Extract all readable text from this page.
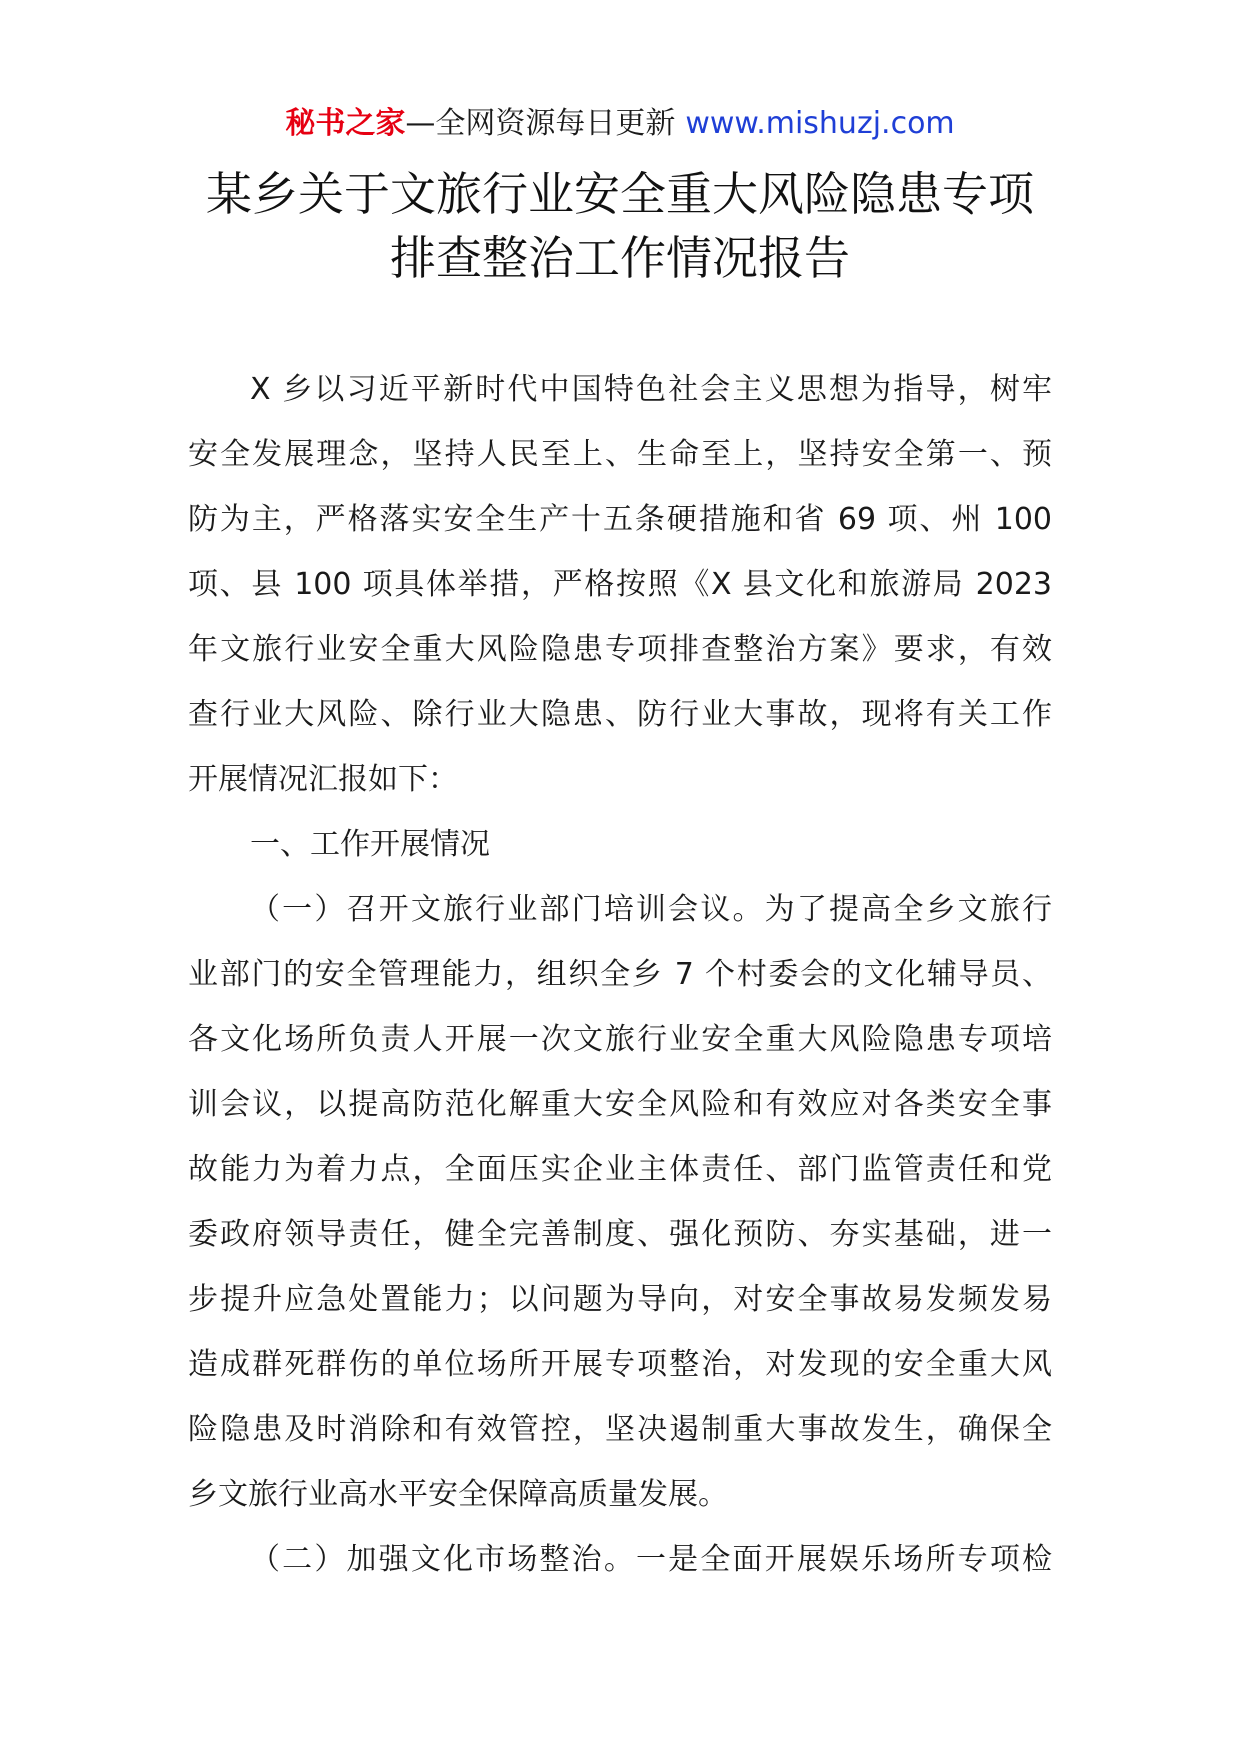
秘书之家—全网资源每日更新 www.mishuzj.com
某乡关于文旅行业安全重大风险隐患专项
排查整治工作情况报告
X 乡以习近平新时代中国特色社会主义思想为指导，树牢
安全发展理念，坚持人民至上、生命至上，坚持安全第一、预
防为主，严格落实安全生产十五条硬措施和省 69 项、州 100
项、县 100 项具体举措，严格按照《X 县文化和旅游局 2023
年文旅行业安全重大风险隐患专项排查整治方案》要求，有效
查行业大风险、除行业大隐患、防行业大事故，现将有关工作
开展情况汇报如下：
一、工作开展情况
（一）召开文旅行业部门培训会议。为了提高全乡文旅行
业部门的安全管理能力，组织全乡 7 个村委会的文化辅导员、
各文化场所负责人开展一次文旅行业安全重大风险隐患专项培
训会议，以提高防范化解重大安全风险和有效应对各类安全事
故能力为着力点，全面压实企业主体责任、部门监管责任和党
委政府领导责任，健全完善制度、强化预防、夯实基础，进一
步提升应急处置能力；以问题为导向，对安全事故易发频发易
造成群死群伤的单位场所开展专项整治，对发现的安全重大风
险隐患及时消除和有效管控，坚决遏制重大事故发生，确保全
乡文旅行业高水平安全保障高质量发展。
（二）加强文化市场整治。一是全面开展娱乐场所专项检
